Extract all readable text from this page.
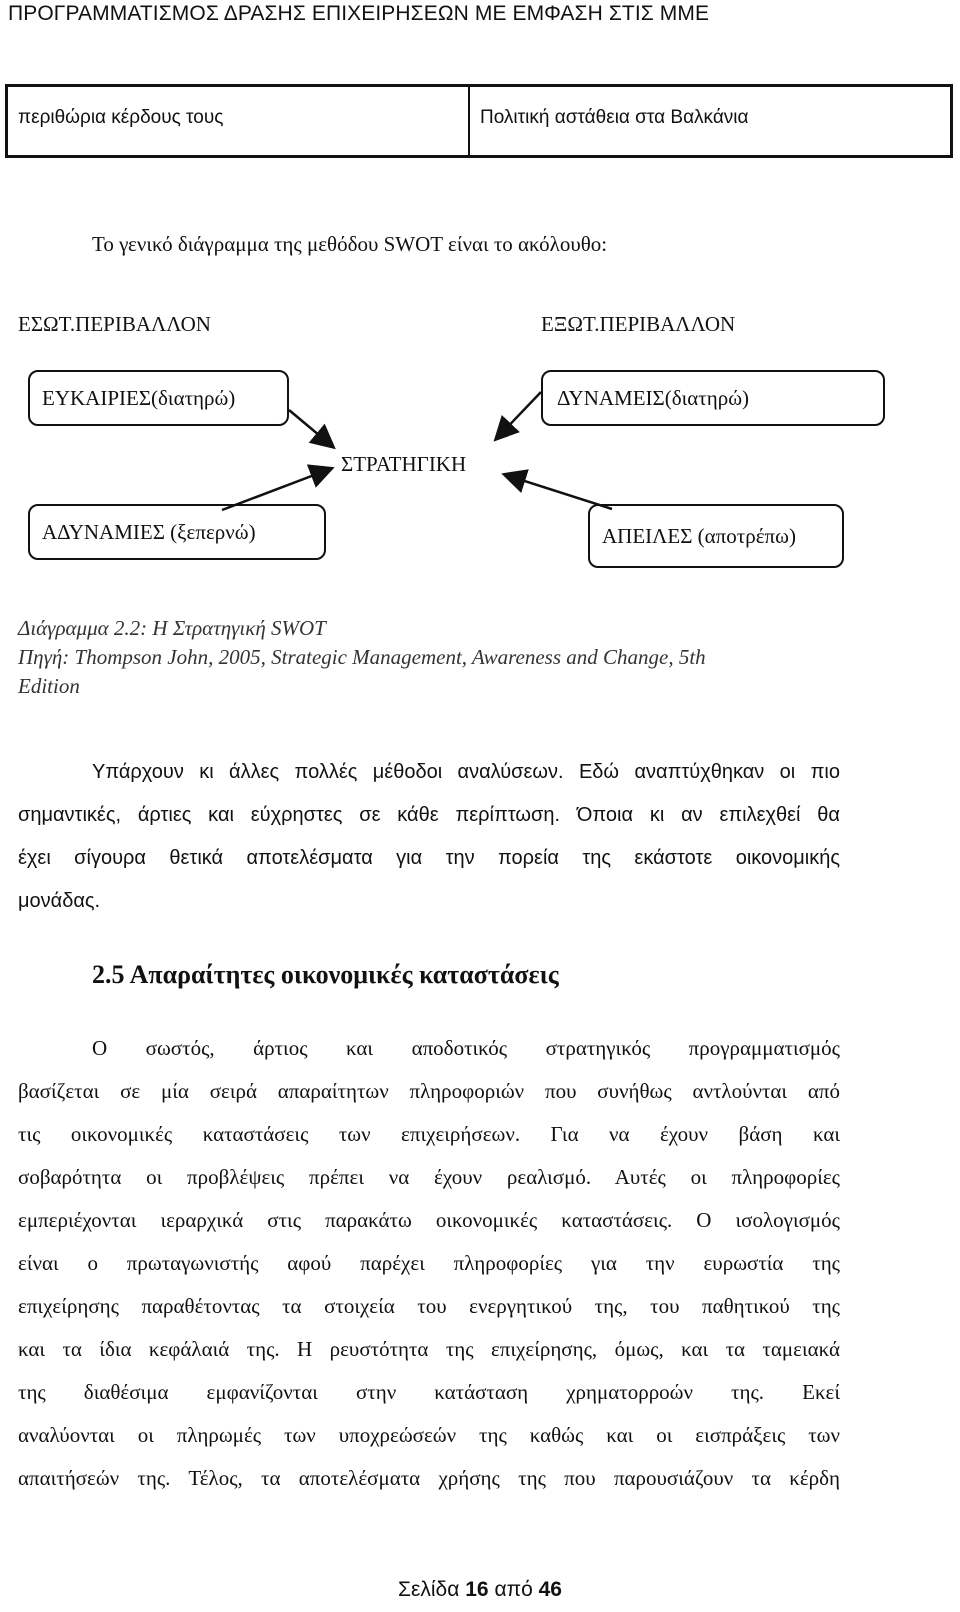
ΠΡΟΓΡΑΜΜΑΤΙΣΜΟΣ ΔΡΑΣΗΣ ΕΠΙΧΕΙΡΗΣΕΩΝ ΜΕ ΕΜΦΑΣΗ ΣΤΙΣ ΜΜΕ
περιθώρια κέρδους τους	Πολιτική αστάθεια στα Βαλκάνια
Το γενικό διάγραμμα της μεθόδου SWOT είναι το ακόλουθο:
ΕΣΩΤ.ΠΕΡΙΒΑΛΛΟΝ	ΕΞΩΤ.ΠΕΡΙΒΑΛΛΟΝ
ΕΥΚΑΙΡΙΕΣ(διατηρώ)	ΔΥΝΑΜΕΙΣ(διατηρώ)
ΣΤΡΑΤΗΓΙΚΗ
ΑΔΥΝΑΜΙΕΣ (ξεπερνώ)	ΑΠΕΙΛΕΣ (αποτρέπω)
Διάγραμμα 2.2: Η Στρατηγική SWOT
Πηγή: Thompson John, 2005, Strategic Management, Awareness and Change, 5th
Edition
Υπάρχουν κι άλλες πολλές μέθοδοι αναλύσεων. Εδώ αναπτύχθηκαν οι πιο
σημαντικές, άρτιες και εύχρηστες σε κάθε περίπτωση. Όποια κι αν επιλεχθεί θα
έχει σίγουρα θετικά αποτελέσματα για την πορεία της εκάστοτε οικονομικής
μονάδας.
2.5 Απαραίτητες οικονομικές καταστάσεις
Ο σωστός, άρτιος και αποδοτικός στρατηγικός προγραμματισμός
βασίζεται σε μία σειρά απαραίτητων πληροφοριών που συνήθως αντλούνται από
τις οικονομικές καταστάσεις των επιχειρήσεων. Για να έχουν βάση και
σοβαρότητα οι προβλέψεις πρέπει να έχουν ρεαλισμό. Αυτές οι πληροφορίες
εμπεριέχονται ιεραρχικά στις παρακάτω οικονομικές καταστάσεις. Ο ισολογισμός
είναι ο πρωταγωνιστής αφού παρέχει πληροφορίες για την ευρωστία της
επιχείρησης παραθέτοντας τα στοιχεία του ενεργητικού της, του παθητικού της
και τα ίδια κεφάλαιά της. Η ρευστότητα της επιχείρησης, όμως, και τα ταμειακά
της διαθέσιμα εμφανίζονται στην κατάσταση χρηματορροών της. Εκεί
αναλύονται οι πληρωμές των υποχρεώσεών της καθώς και οι εισπράξεις των
απαιτήσεών της. Τέλος, τα αποτελέσματα χρήσης της που παρουσιάζουν τα κέρδη
Σελίδα 16 από 46
